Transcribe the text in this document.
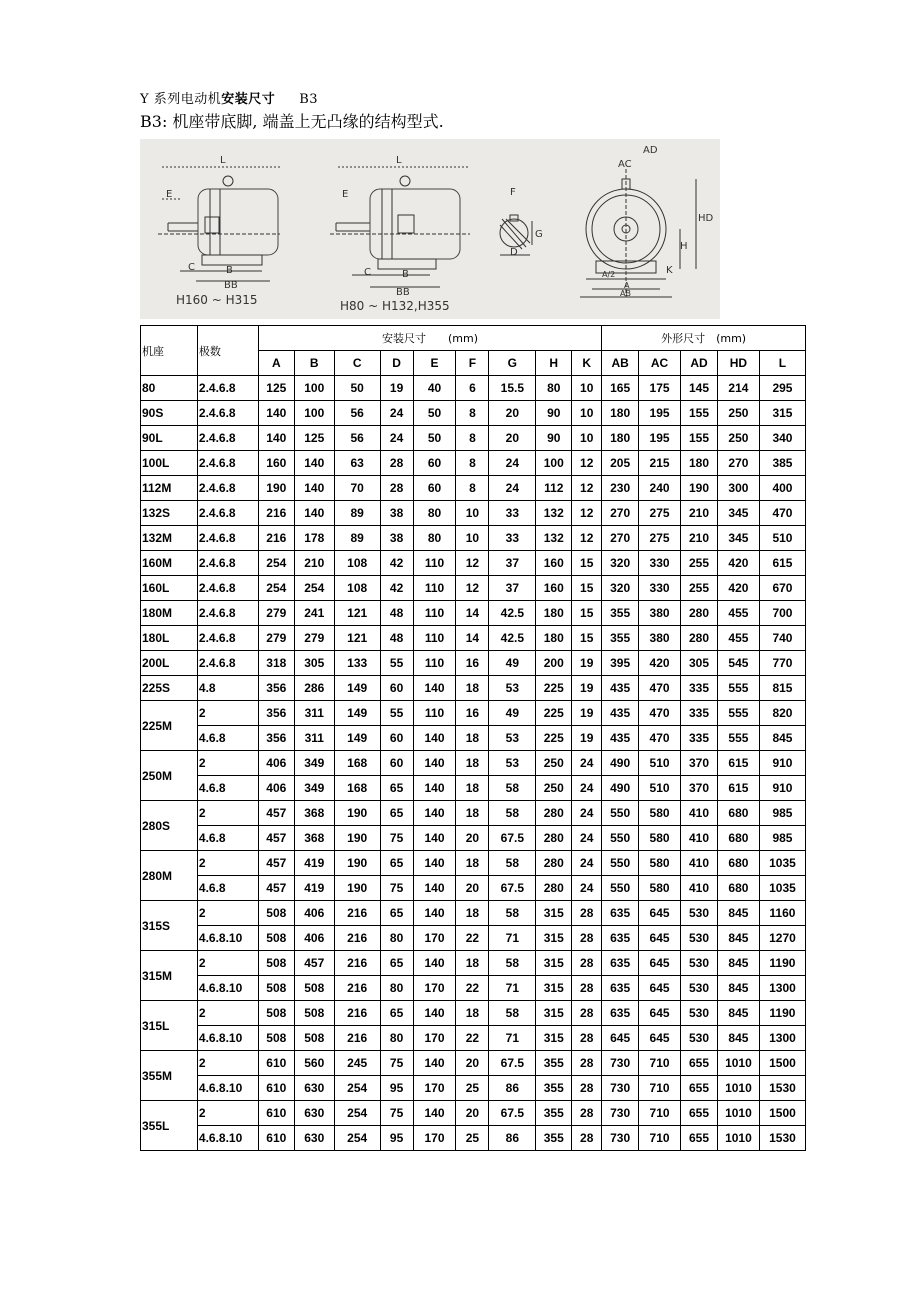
Y 系列电动机安装尺寸 B3
B3: 机座带底脚, 端盖上无凸缘的结构型式.
L
E
C	B
BB
H160 ~ H315
L
E
C	B
BB
H80 ~ H132,H355
F
G
D
AD
AC
HD
H
K
A/2
A
AB
机座	极数	安装尺寸　　(mm)									外形尺寸　(mm)				
		A	B	C	D	E	F	G	H	K	AB	AC	AD	HD	L
80	2.4.6.8	125	100	50	19	40	6	15.5	80	10	165	175	145	214	295
90S	2.4.6.8	140	100	56	24	50	8	20	90	10	180	195	155	250	315
90L	2.4.6.8	140	125	56	24	50	8	20	90	10	180	195	155	250	340
100L	2.4.6.8	160	140	63	28	60	8	24	100	12	205	215	180	270	385
112M	2.4.6.8	190	140	70	28	60	8	24	112	12	230	240	190	300	400
132S	2.4.6.8	216	140	89	38	80	10	33	132	12	270	275	210	345	470
132M	2.4.6.8	216	178	89	38	80	10	33	132	12	270	275	210	345	510
160M	2.4.6.8	254	210	108	42	110	12	37	160	15	320	330	255	420	615
160L	2.4.6.8	254	254	108	42	110	12	37	160	15	320	330	255	420	670
180M	2.4.6.8	279	241	121	48	110	14	42.5	180	15	355	380	280	455	700
180L	2.4.6.8	279	279	121	48	110	14	42.5	180	15	355	380	280	455	740
200L	2.4.6.8	318	305	133	55	110	16	49	200	19	395	420	305	545	770
225S	4.8	356	286	149	60	140	18	53	225	19	435	470	335	555	815
225M	2	356	311	149	55	110	16	49	225	19	435	470	335	555	820
	4.6.8	356	311	149	60	140	18	53	225	19	435	470	335	555	845
250M	2	406	349	168	60	140	18	53	250	24	490	510	370	615	910
	4.6.8	406	349	168	65	140	18	58	250	24	490	510	370	615	910
280S	2	457	368	190	65	140	18	58	280	24	550	580	410	680	985
	4.6.8	457	368	190	75	140	20	67.5	280	24	550	580	410	680	985
280M	2	457	419	190	65	140	18	58	280	24	550	580	410	680	1035
	4.6.8	457	419	190	75	140	20	67.5	280	24	550	580	410	680	1035
315S	2	508	406	216	65	140	18	58	315	28	635	645	530	845	1160
	4.6.8.10	508	406	216	80	170	22	71	315	28	635	645	530	845	1270
315M	2	508	457	216	65	140	18	58	315	28	635	645	530	845	1190
	4.6.8.10	508	508	216	80	170	22	71	315	28	635	645	530	845	1300
315L	2	508	508	216	65	140	18	58	315	28	635	645	530	845	1190
	4.6.8.10	508	508	216	80	170	22	71	315	28	645	645	530	845	1300
355M	2	610	560	245	75	140	20	67.5	355	28	730	710	655	1010	1500
	4.6.8.10	610	630	254	95	170	25	86	355	28	730	710	655	1010	1530
355L	2	610	630	254	75	140	20	67.5	355	28	730	710	655	1010	1500
	4.6.8.10	610	630	254	95	170	25	86	355	28	730	710	655	1010	1530
